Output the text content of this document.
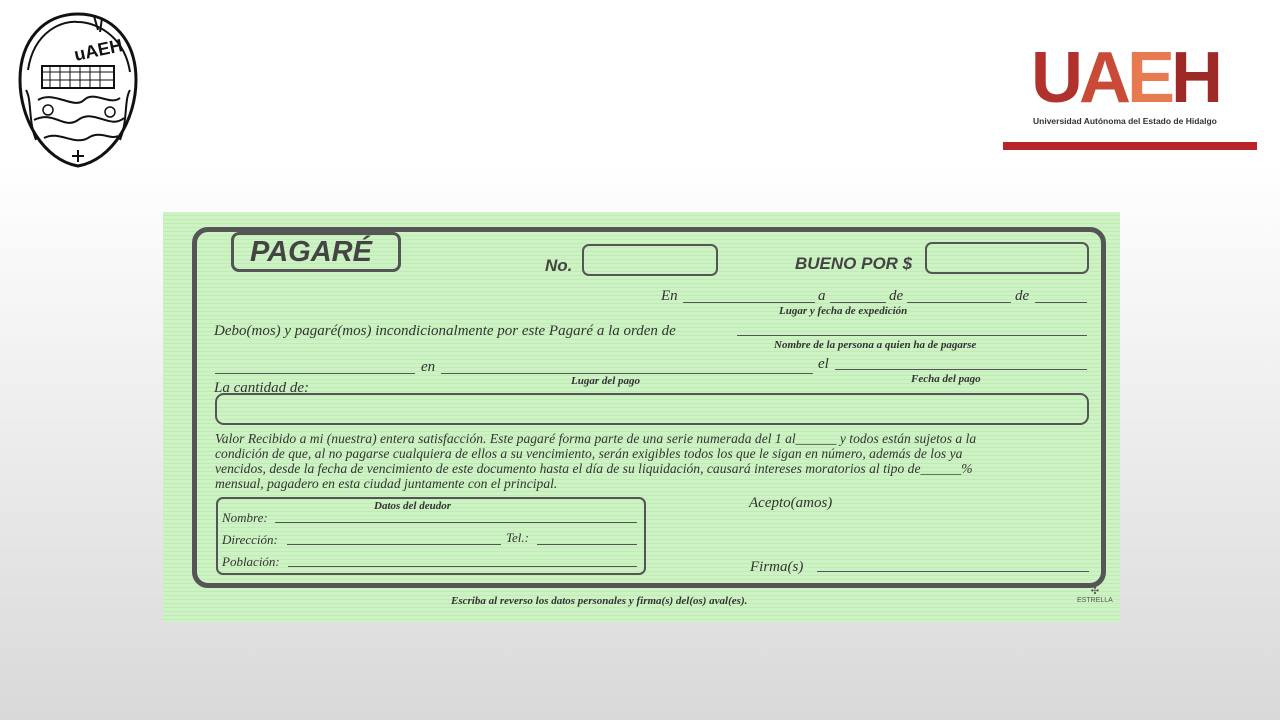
uAEH	UAEH
Universidad Autónoma del Estado de Hidalgo
PAGARÉ	No.	BUENO POR $
En	a	de	de
Lugar y fecha de expedición
Debo(mos) y pagaré(mos) incondicionalmente por este Pagaré a la orden de
Nombre de la persona a quien ha de pagarse
en	el
Lugar del pago	Fecha del pago
La cantidad de:
Valor Recibido a mi (nuestra) entera satisfacción. Este pagaré forma parte de una serie numerada del 1 al______ y todos están sujetos a la
condición de que, al no pagarse cualquiera de ellos a su vencimiento, serán exigibles todos los que le sigan en número, además de los ya
vencidos, desde la fecha de vencimiento de este documento hasta el día de su liquidación, causará intereses moratorios al tipo de______%
mensual, pagadero en esta ciudad juntamente con el principal.
Datos del deudor
Nombre:
Dirección:	Tel.:
Población:
Acepto(amos)
Firma(s)
Escriba al reverso los datos personales y firma(s) del(os) aval(es).
✣
ESTRELLA
